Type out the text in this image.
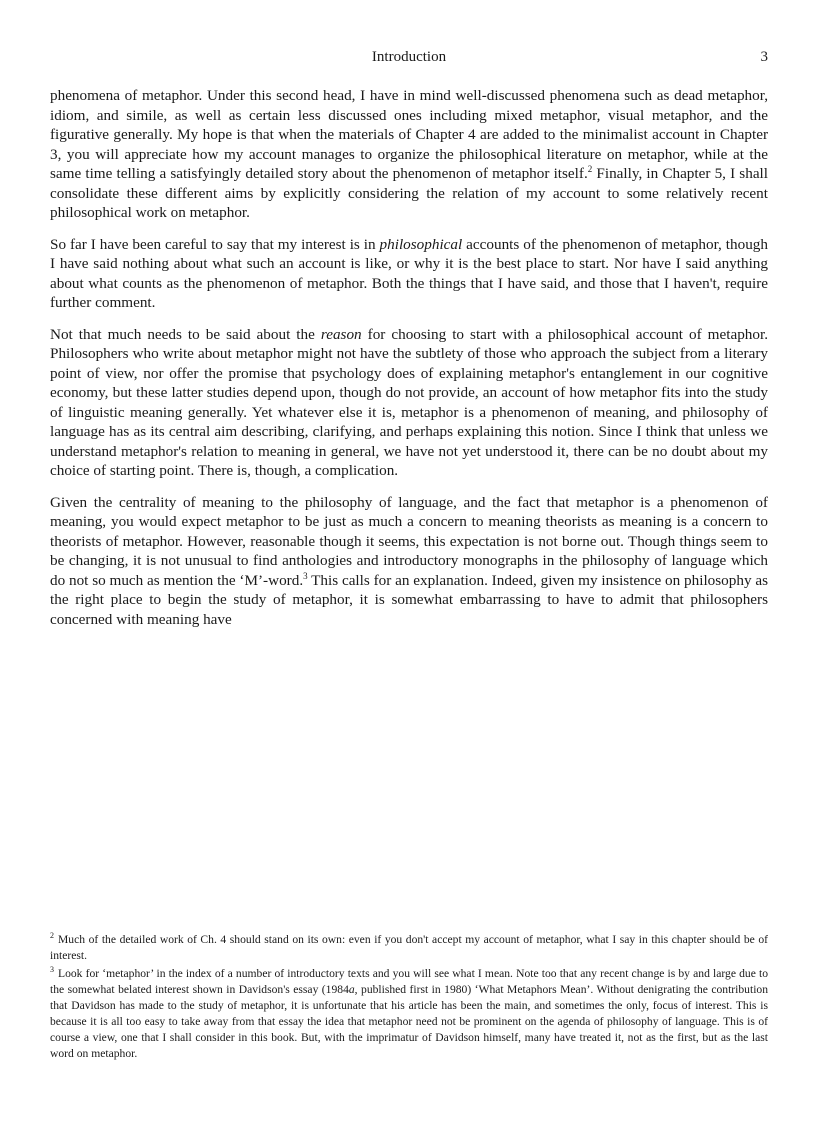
Introduction	3

phenomena of metaphor. Under this second head, I have in mind well-discussed phenomena such as dead metaphor, idiom, and simile, as well as certain less discussed ones including mixed metaphor, visual metaphor, and the figurative generally. My hope is that when the materials of Chapter 4 are added to the minimalist account in Chapter 3, you will appreciate how my account manages to organize the philosophical literature on metaphor, while at the same time telling a satisfyingly detailed story about the phenomenon of metaphor itself.$^2$ Finally, in Chapter 5, I shall consolidate these different aims by explicitly considering the relation of my account to some relatively recent philosophical work on metaphor.

So far I have been careful to say that my interest is in philosophical accounts of the phenomenon of metaphor, though I have said nothing about what such an account is like, or why it is the best place to start. Nor have I said anything about what counts as the phenomenon of metaphor. Both the things that I have said, and those that I haven't, require further comment.

Not that much needs to be said about the reason for choosing to start with a philosophical account of metaphor. Philosophers who write about metaphor might not have the subtlety of those who approach the subject from a literary point of view, nor offer the promise that psychology does of explaining metaphor's entanglement in our cognitive economy, but these latter studies depend upon, though do not provide, an account of how metaphor fits into the study of linguistic meaning generally. Yet whatever else it is, metaphor is a phenomenon of meaning, and philosophy of language has as its central aim describing, clarifying, and perhaps explaining this notion. Since I think that unless we understand metaphor's relation to meaning in general, we have not yet understood it, there can be no doubt about my choice of starting point. There is, though, a complication.

Given the centrality of meaning to the philosophy of language, and the fact that metaphor is a phenomenon of meaning, you would expect metaphor to be just as much a concern to meaning theorists as meaning is a concern to theorists of metaphor. However, reasonable though it seems, this expectation is not borne out. Though things seem to be changing, it is not unusual to find anthologies and introductory monographs in the philosophy of language which do not so much as mention the ‘M’-word.$^3$ This calls for an explanation. Indeed, given my insistence on philosophy as the right place to begin the study of metaphor, it is somewhat embarrassing to have to admit that philosophers concerned with meaning have

$^2$ Much of the detailed work of Ch. 4 should stand on its own: even if you don't accept my account of metaphor, what I say in this chapter should be of interest.

$^3$ Look for ‘metaphor’ in the index of a number of introductory texts and you will see what I mean. Note too that any recent change is by and large due to the somewhat belated interest shown in Davidson's essay (1984a, published first in 1980) ‘What Metaphors Mean’. Without denigrating the contribution that Davidson has made to the study of metaphor, it is unfortunate that his article has been the main, and sometimes the only, focus of interest. This is because it is all too easy to take away from that essay the idea that metaphor need not be prominent on the agenda of philosophy of language. This is of course a view, one that I shall consider in this book. But, with the imprimatur of Davidson himself, many have treated it, not as the first, but as the last word on metaphor.
